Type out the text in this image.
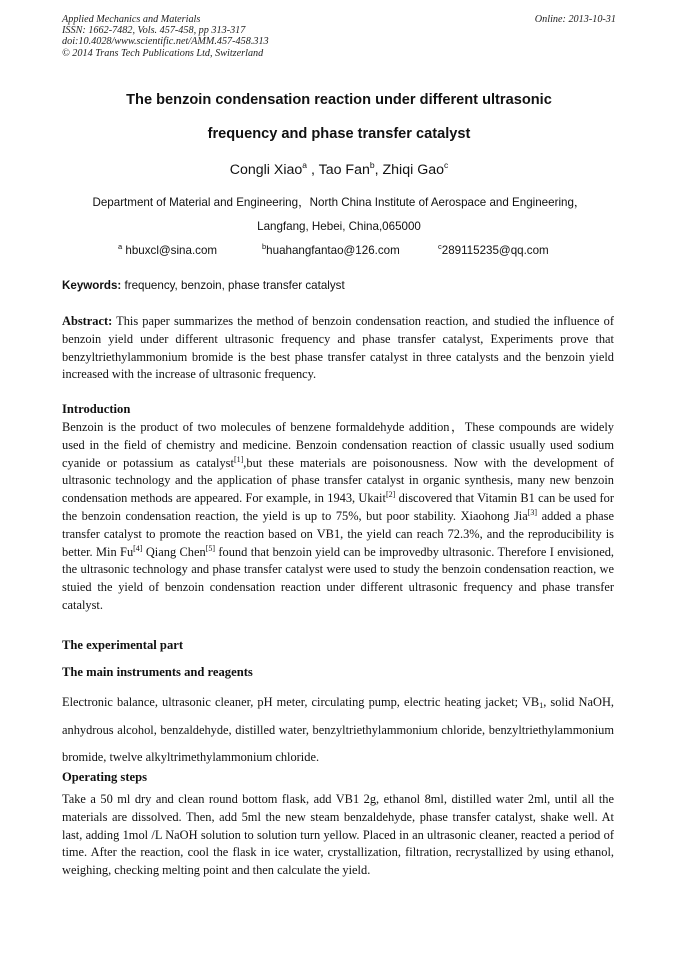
Applied Mechanics and Materials
ISSN: 1662-7482, Vols. 457-458, pp 313-317
doi:10.4028/www.scientific.net/AMM.457-458.313
© 2014 Trans Tech Publications Ltd, Switzerland
Online: 2013-10-31
The benzoin condensation reaction under different ultrasonic
frequency and phase transfer catalyst
Congli Xiao$^a$ , Tao Fan$^b$, Zhiqi Gao$^c$
Department of Material and Engineering，North China Institute of Aerospace and Engineering，
Langfang, Hebei, China,065000
$^a$ hbuxcl@sina.com	$^b$huahangfantao@126.com	$^c$289115235@qq.com
Keywords: frequency, benzoin, phase transfer catalyst
Abstract: This paper summarizes the method of benzoin condensation reaction, and studied the influence of benzoin yield under different ultrasonic frequency and phase transfer catalyst, Experiments prove that benzyltriethylammonium bromide is the best phase transfer catalyst in three catalysts and the benzoin yield increased with the increase of ultrasonic frequency.
Introduction
Benzoin is the product of two molecules of benzene formaldehyde addition，These compounds are widely used in the field of chemistry and medicine. Benzoin condensation reaction of classic usually used sodium cyanide or potassium as catalyst[1],but these materials are poisonousness. Now with the development of ultrasonic technology and the application of phase transfer catalyst in organic synthesis, many new benzoin condensation methods are appeared. For example, in 1943, Ukait[2] discovered that Vitamin B1 can be used for the benzoin condensation reaction, the yield is up to 75%, but poor stability. Xiaohong Jia[3] added a phase transfer catalyst to promote the reaction based on VB1, the yield can reach 72.3%, and the reproducibility is better. Min Fu[4] Qiang Chen[5] found that benzoin yield can be improvedby ultrasonic. Therefore I envisioned, the ultrasonic technology and phase transfer catalyst were used to study the benzoin condensation reaction, we stuied the yield of benzoin condensation reaction under different ultrasonic frequency and phase transfer catalyst.
The experimental part
The main instruments and reagents
Electronic balance, ultrasonic cleaner, pH meter, circulating pump, electric heating jacket; $VB_1$, solid NaOH, anhydrous alcohol, benzaldehyde, distilled water, benzyltriethylammonium chloride, benzyltriethylammonium bromide, twelve alkyltrimethylammonium chloride.
Operating steps
Take a 50 ml dry and clean round bottom flask, add VB1 2g, ethanol 8ml, distilled water 2ml, until all the materials are dissolved. Then, add 5ml the new steam benzaldehyde, phase transfer catalyst, shake well. At last, adding 1mol /L NaOH solution to solution turn yellow. Placed in an ultrasonic cleaner, reacted a period of time. After the reaction, cool the flask in ice water, crystallization, filtration, recrystallized by using ethanol, weighing, checking melting point and then calculate the yield.
